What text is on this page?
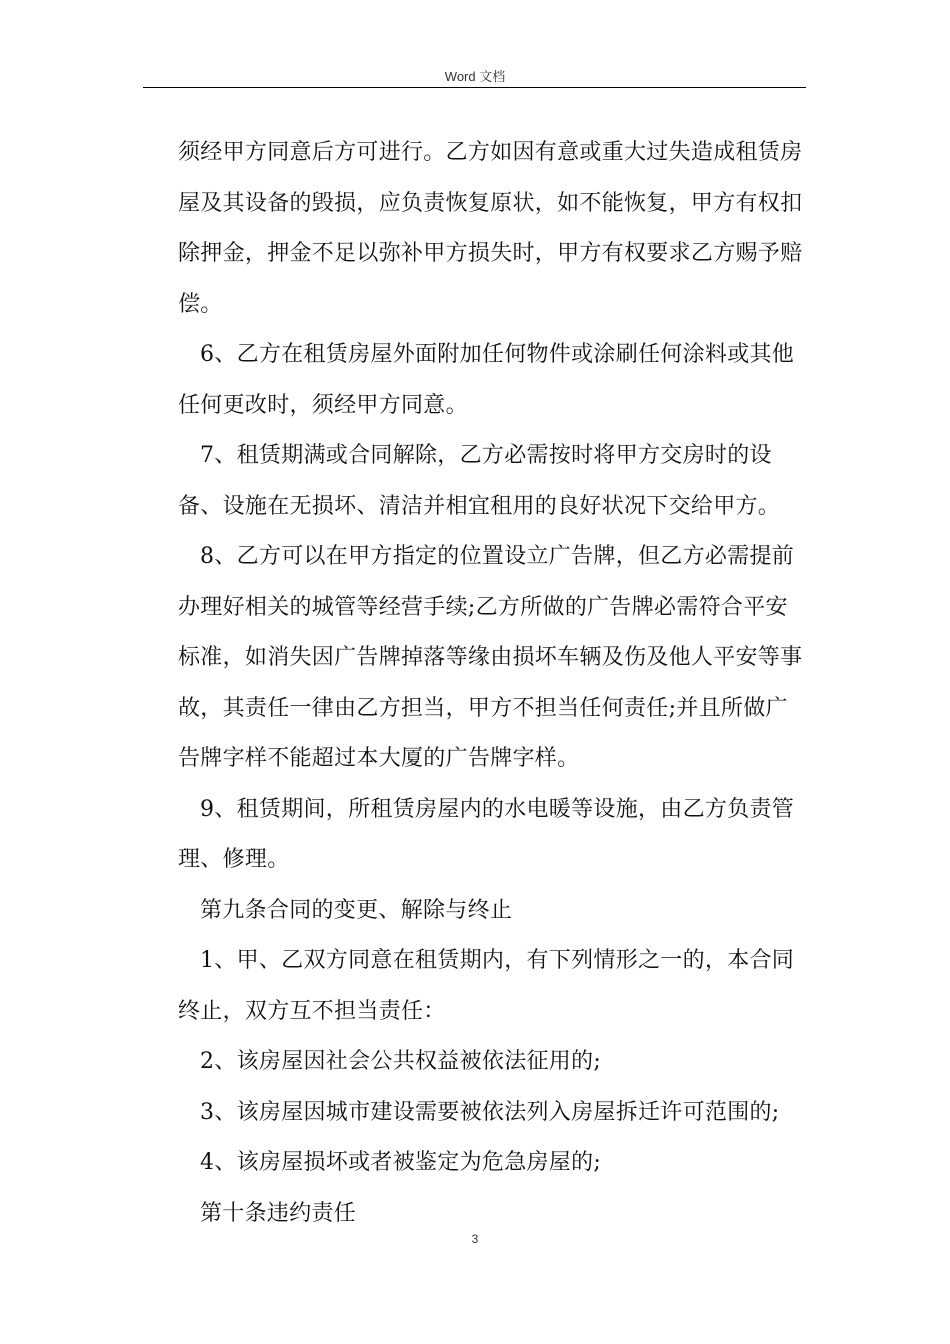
Word 文档

须经甲方同意后方可进行。乙方如因有意或重大过失造成租赁房屋及其设备的毁损，应负责恢复原状，如不能恢复，甲方有权扣除押金，押金不足以弥补甲方损失时，甲方有权要求乙方赐予赔偿。

6、乙方在租赁房屋外面附加任何物件或涂刷任何涂料或其他任何更改时，须经甲方同意。

7、租赁期满或合同解除，乙方必需按时将甲方交房时的设备、设施在无损坏、清洁并相宜租用的良好状况下交给甲方。

8、乙方可以在甲方指定的位置设立广告牌，但乙方必需提前办理好相关的城管等经营手续;乙方所做的广告牌必需符合平安标准，如消失因广告牌掉落等缘由损坏车辆及伤及他人平安等事故，其责任一律由乙方担当，甲方不担当任何责任;并且所做广告牌字样不能超过本大厦的广告牌字样。

9、租赁期间，所租赁房屋内的水电暖等设施，由乙方负责管理、修理。

第九条合同的变更、解除与终止

1、甲、乙双方同意在租赁期内，有下列情形之一的，本合同终止，双方互不担当责任：

2、该房屋因社会公共权益被依法征用的;

3、该房屋因城市建设需要被依法列入房屋拆迁许可范围的;

4、该房屋损坏或者被鉴定为危急房屋的;

第十条违约责任

3
